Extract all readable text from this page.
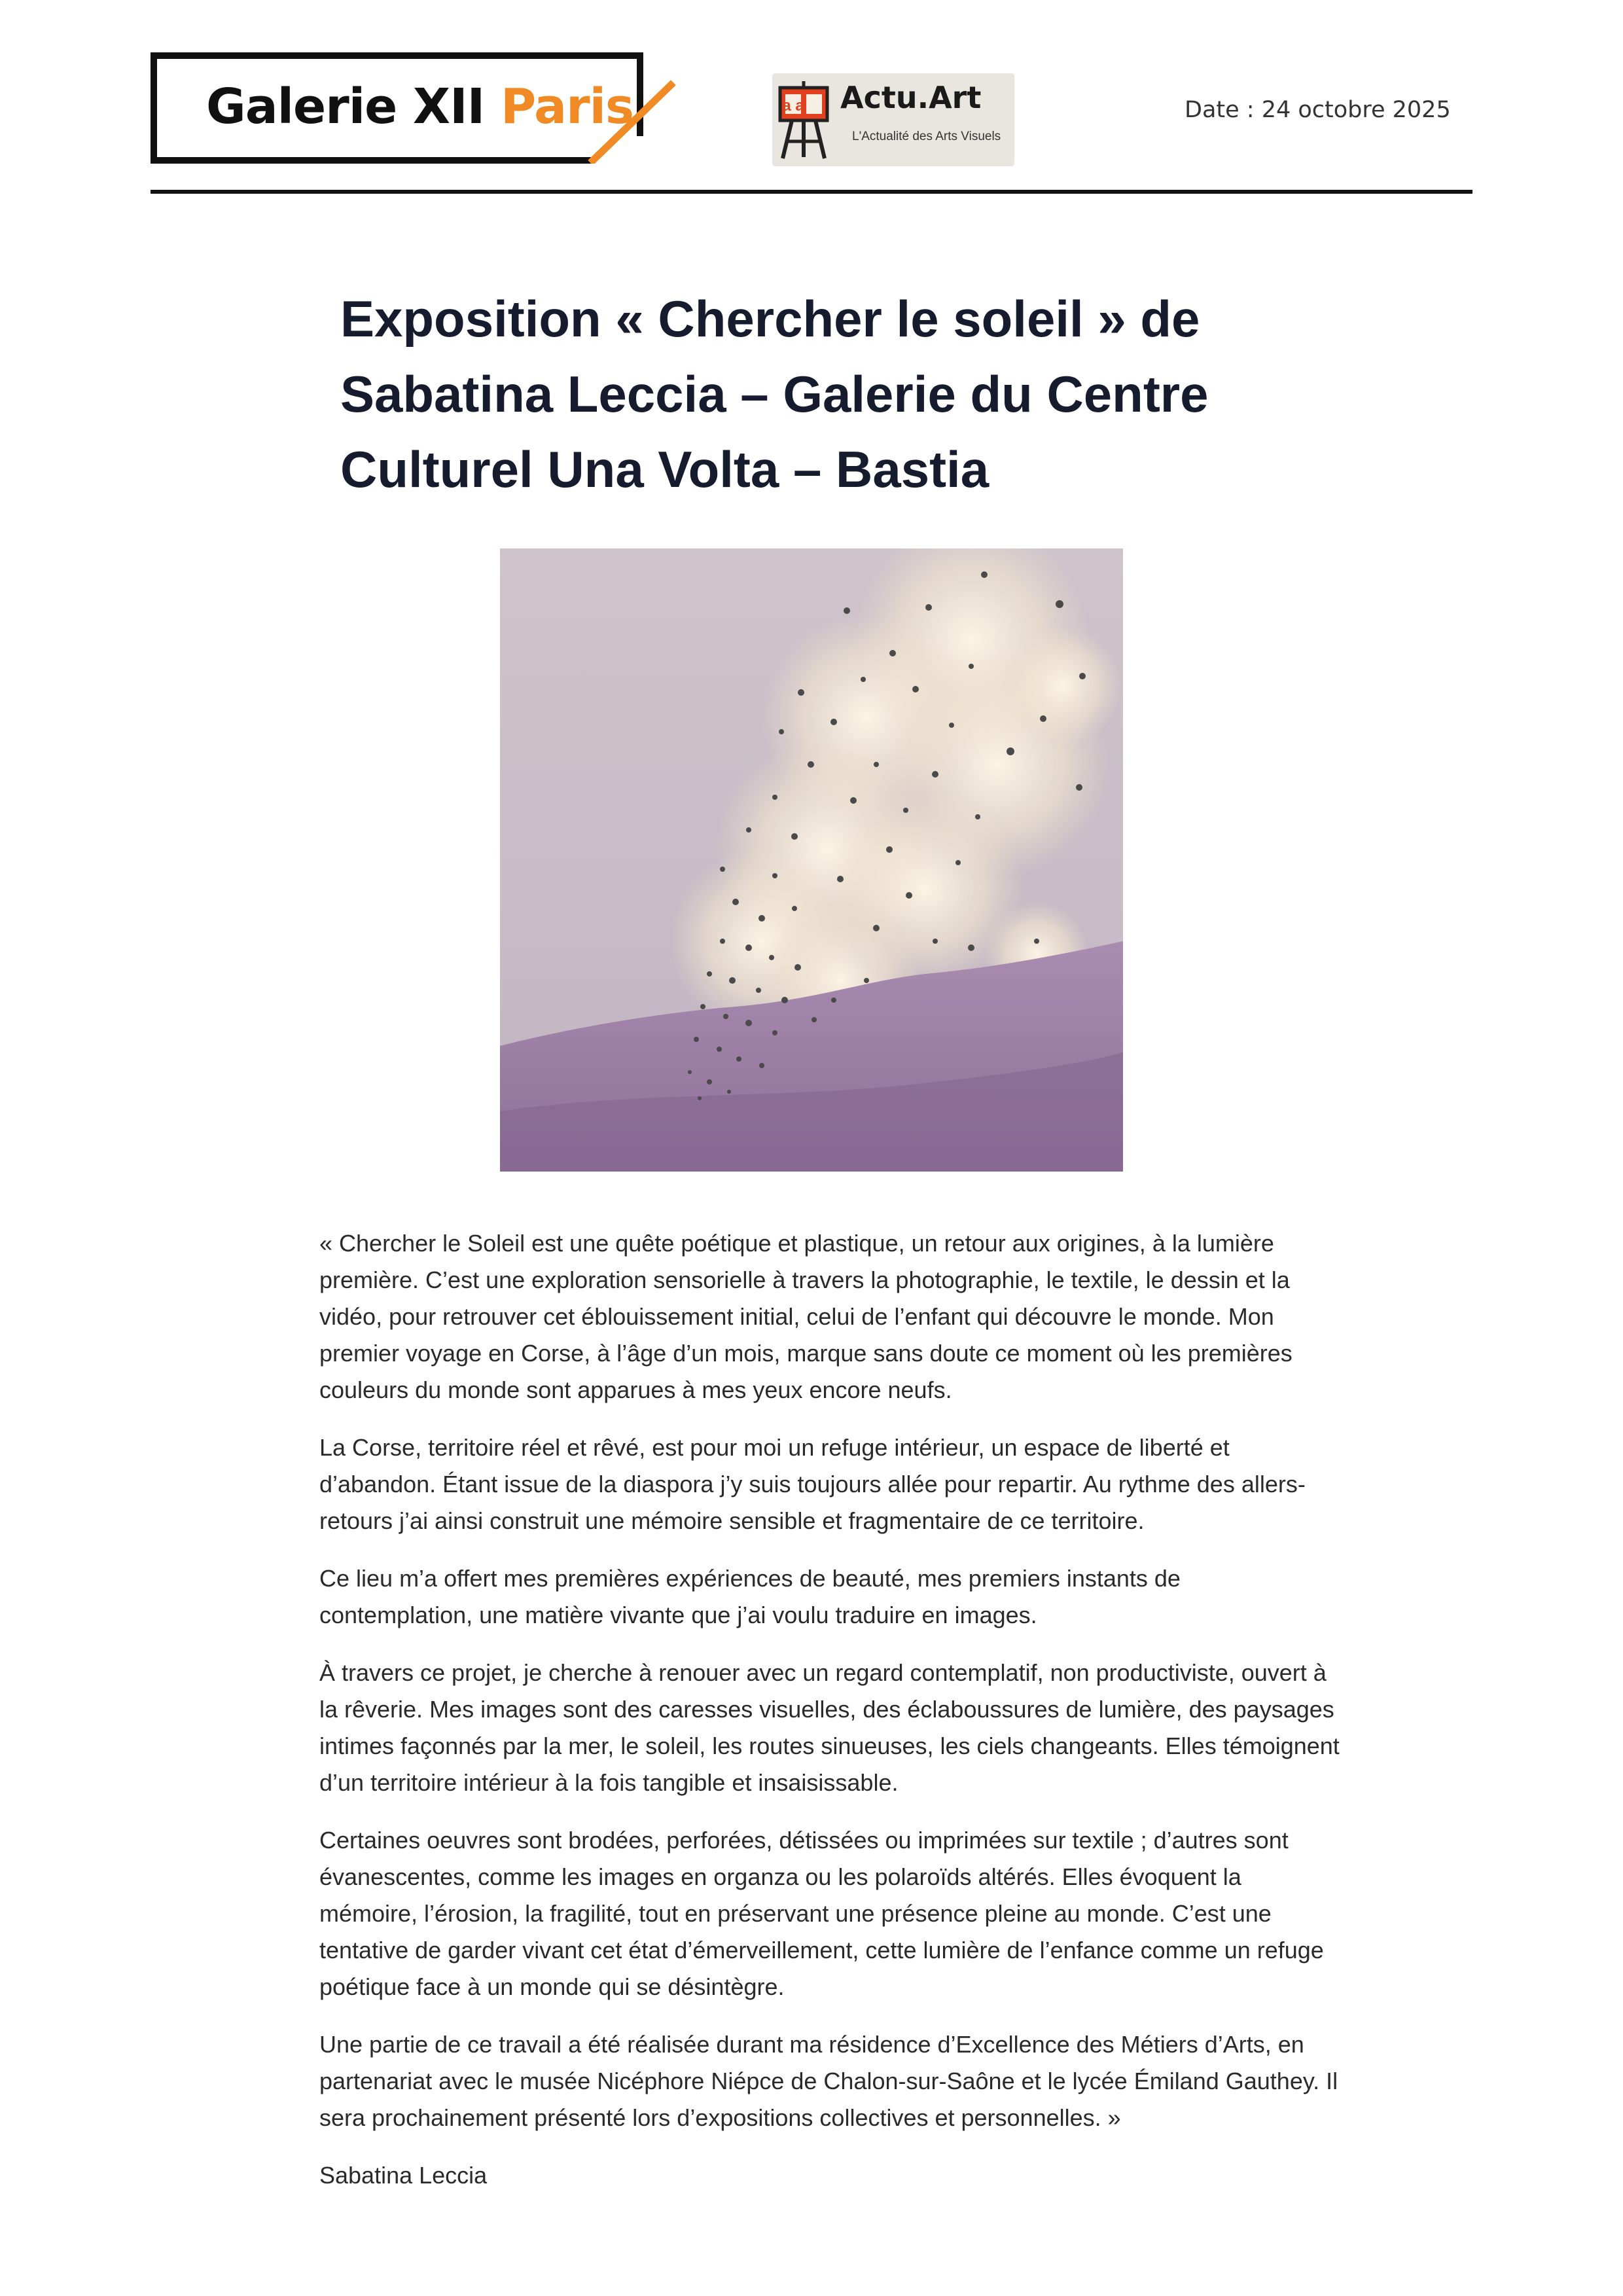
Galerie XII Paris	a a Actu.Art
L'Actualité des Arts Visuels
Date : 24 octobre 2025
Exposition « Chercher le soleil » de Sabatina Leccia – Galerie du Centre Culturel Una Volta – Bastia

« Chercher le Soleil est une quête poétique et plastique, un retour aux origines, à la lumière première. C’est une exploration sensorielle à travers la photographie, le textile, le dessin et la vidéo, pour retrouver cet éblouissement initial, celui de l’enfant qui découvre le monde. Mon premier voyage en Corse, à l’âge d’un mois, marque sans doute ce moment où les premières couleurs du monde sont apparues à mes yeux encore neufs.

La Corse, territoire réel et rêvé, est pour moi un refuge intérieur, un espace de liberté et d’abandon. Étant issue de la diaspora j’y suis toujours allée pour repartir. Au rythme des allers-retours j’ai ainsi construit une mémoire sensible et fragmentaire de ce territoire.

Ce lieu m’a offert mes premières expériences de beauté, mes premiers instants de contemplation, une matière vivante que j’ai voulu traduire en images.

À travers ce projet, je cherche à renouer avec un regard contemplatif, non productiviste, ouvert à la rêverie. Mes images sont des caresses visuelles, des éclaboussures de lumière, des paysages intimes façonnés par la mer, le soleil, les routes sinueuses, les ciels changeants. Elles témoignent d’un territoire intérieur à la fois tangible et insaisissable.

Certaines oeuvres sont brodées, perforées, détissées ou imprimées sur textile ; d’autres sont évanescentes, comme les images en organza ou les polaroïds altérés. Elles évoquent la mémoire, l’érosion, la fragilité, tout en préservant une présence pleine au monde. C’est une tentative de garder vivant cet état d’émerveillement, cette lumière de l’enfance comme un refuge poétique face à un monde qui se désintègre.

Une partie de ce travail a été réalisée durant ma résidence d’Excellence des Métiers d’Arts, en partenariat avec le musée Nicéphore Niépce de Chalon-sur-Saône et le lycée Émiland Gauthey. Il sera prochainement présenté lors d’expositions collectives et personnelles. »

Sabatina Leccia
